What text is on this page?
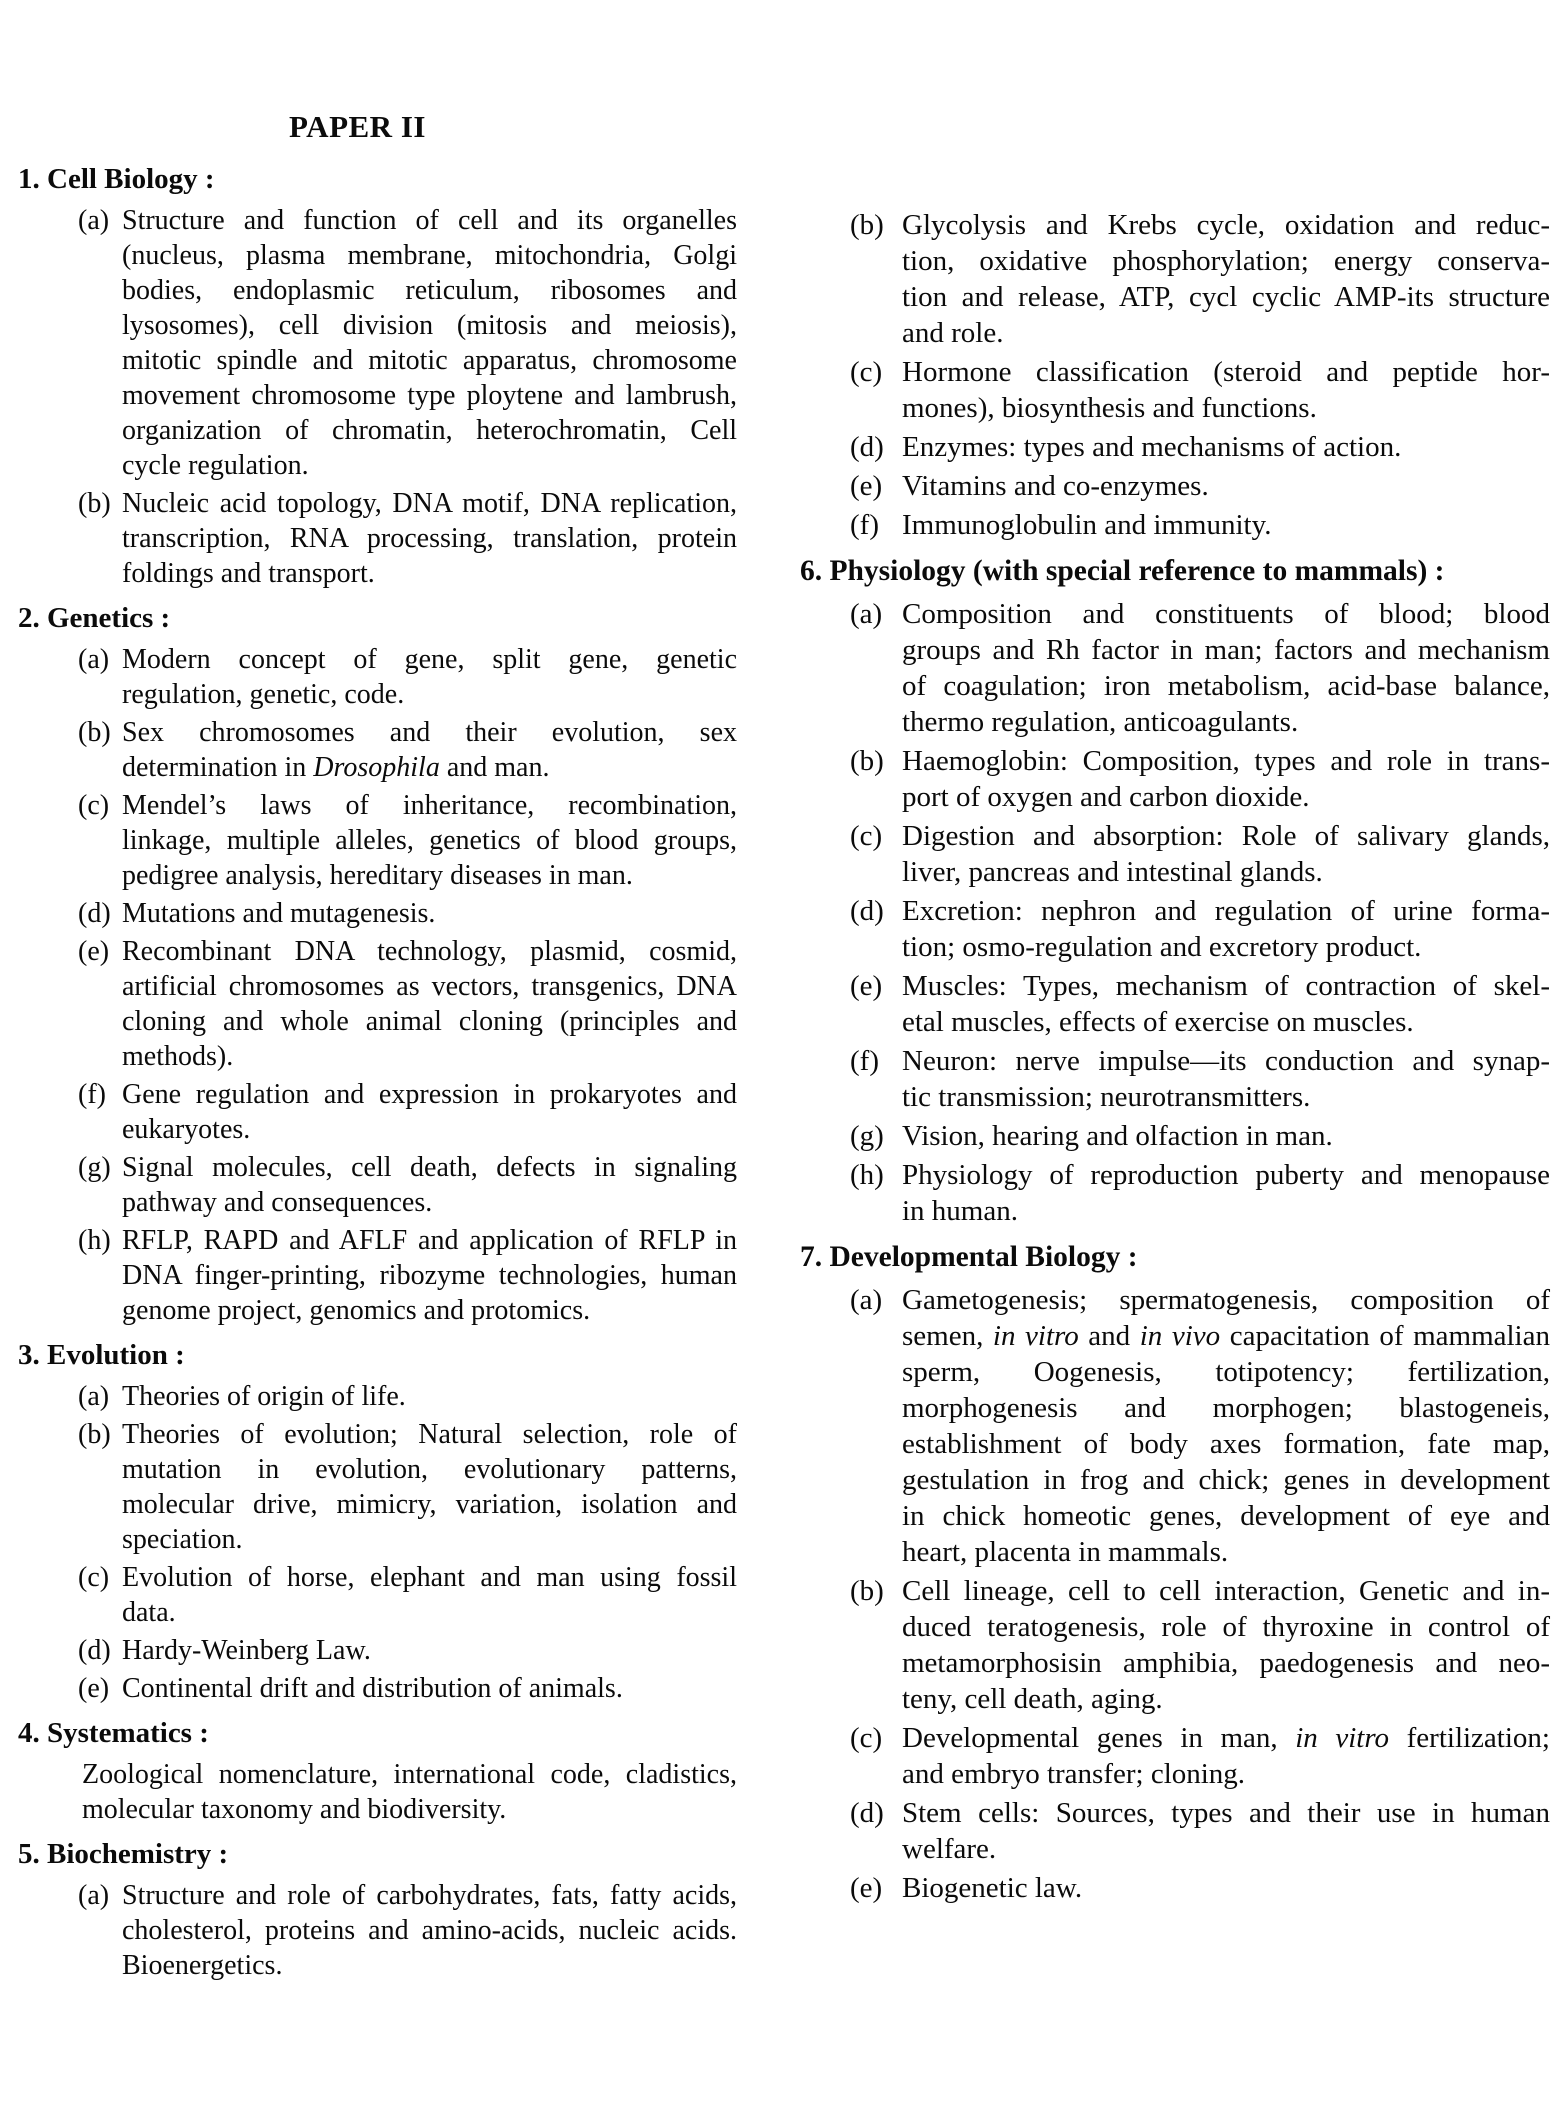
PAPER II
1. Cell Biology :
(a) Structure and function of cell and its organelles
(nucleus, plasma membrane, mitochondria, Golgi
bodies, endoplasmic reticulum, ribosomes and
lysosomes), cell division (mitosis and meiosis),
mitotic spindle and mitotic apparatus, chromosome
movement chromosome type ploytene and lambrush,
organization of chromatin, heterochromatin, Cell
cycle regulation.
(b) Nucleic acid topology, DNA motif, DNA replication,
transcription, RNA processing, translation, protein
foldings and transport.
2. Genetics :
(a) Modern concept of gene, split gene, genetic
regulation, genetic, code.
(b) Sex chromosomes and their evolution, sex
determination in Drosophila and man.
(c) Mendel’s laws of inheritance, recombination,
linkage, multiple alleles, genetics of blood groups,
pedigree analysis, hereditary diseases in man.
(d) Mutations and mutagenesis.
(e) Recombinant DNA technology, plasmid, cosmid,
artificial chromosomes as vectors, transgenics, DNA
cloning and whole animal cloning (principles and
methods).
(f) Gene regulation and expression in prokaryotes and
eukaryotes.
(g) Signal molecules, cell death, defects in signaling
pathway and consequences.
(h) RFLP, RAPD and AFLF and application of RFLP in
DNA finger-printing, ribozyme technologies, human
genome project, genomics and protomics.
3. Evolution :
(a) Theories of origin of life.
(b) Theories of evolution; Natural selection, role of
mutation in evolution, evolutionary patterns,
molecular drive, mimicry, variation, isolation and
speciation.
(c) Evolution of horse, elephant and man using fossil data.
(d) Hardy-Weinberg Law.
(e) Continental drift and distribution of animals.
4. Systematics :
Zoological nomenclature, international code, cladistics,
molecular taxonomy and biodiversity.
5. Biochemistry :
(a) Structure and role of carbohydrates, fats, fatty acids,
cholesterol, proteins and amino-acids, nucleic acids.
Bioenergetics.
(b) Glycolysis and Krebs cycle, oxidation and reduc-
tion, oxidative phosphorylation; energy conserva-
tion and release, ATP, cycl cyclic AMP-its structure
and role.
(c) Hormone classification (steroid and peptide hor-
mones), biosynthesis and functions.
(d) Enzymes: types and mechanisms of action.
(e) Vitamins and co-enzymes.
(f) Immunoglobulin and immunity.
6. Physiology (with special reference to mammals) :
(a) Composition and constituents of blood; blood
groups and Rh factor in man; factors and mechanism
of coagulation; iron metabolism, acid-base balance,
thermo regulation, anticoagulants.
(b) Haemoglobin: Composition, types and role in trans-
port of oxygen and carbon dioxide.
(c) Digestion and absorption: Role of salivary glands,
liver, pancreas and intestinal glands.
(d) Excretion: nephron and regulation of urine forma-
tion; osmo-regulation and excretory product.
(e) Muscles: Types, mechanism of contraction of skel-
etal muscles, effects of exercise on muscles.
(f) Neuron: nerve impulse—its conduction and synap-
tic transmission; neurotransmitters.
(g) Vision, hearing and olfaction in man.
(h) Physiology of reproduction puberty and menopause
in human.
7. Developmental Biology :
(a) Gametogenesis; spermatogenesis, composition of
semen, in vitro and in vivo capacitation of mammalian
sperm, Oogenesis, totipotency; fertilization,
morphogenesis and morphogen; blastogeneis,
establishment of body axes formation, fate map,
gestulation in frog and chick; genes in development
in chick homeotic genes, development of eye and
heart, placenta in mammals.
(b) Cell lineage, cell to cell interaction, Genetic and in-
duced teratogenesis, role of thyroxine in control of
metamorphosisin amphibia, paedogenesis and neo-
teny, cell death, aging.
(c) Developmental genes in man, in vitro fertilization;
and embryo transfer; cloning.
(d) Stem cells: Sources, types and their use in human
welfare.
(e) Biogenetic law.
